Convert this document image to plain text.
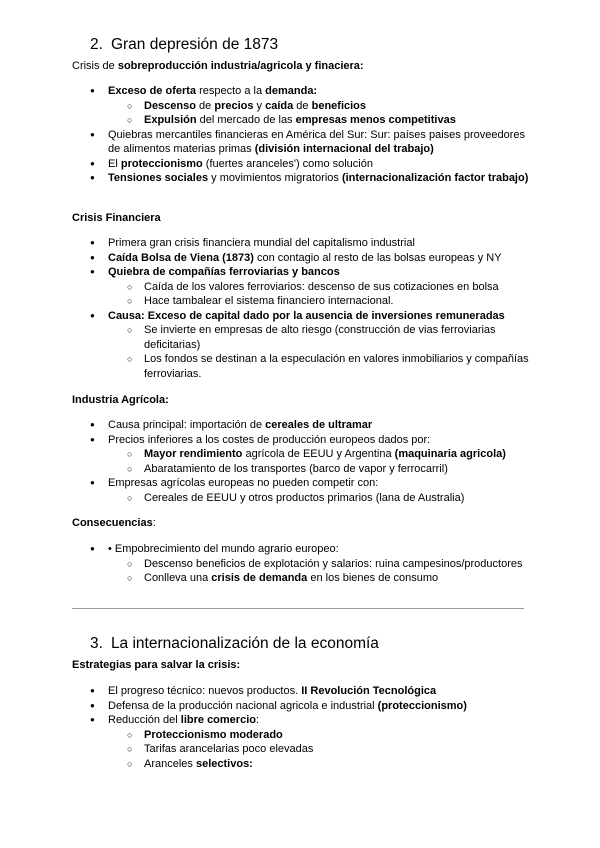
2. Gran depresión de 1873
Crisis de sobreproducción industria/agricola y finaciera:
● Exceso de oferta respecto a la demanda:
○ Descenso de precios y caída de beneficios
○ Expulsión del mercado de las empresas menos competitivas
● Quiebras mercantiles financieras en América del Sur: Sur: países paises proveedores de alimentos materias primas (división internacional del trabajo)
● El proteccionismo (fuertes aranceles') como solución
● Tensiones sociales y movimientos migratorios (internacionalización factor trabajo)
Crisis Financiera
● Primera gran crisis financiera mundial del capitalismo industrial
● Caída Bolsa de Viena (1873) con contagio al resto de las bolsas europeas y NY
● Quiebra de compañías ferroviarias y bancos
○ Caída de los valores ferroviarios: descenso de sus cotizaciones en bolsa
○ Hace tambalear el sistema financiero internacional.
● Causa: Exceso de capital dado por la ausencia de inversiones remuneradas
○ Se invierte en empresas de alto riesgo (construcción de vias ferroviarias deficitarias)
○ Los fondos se destinan a la especulación en valores inmobiliarios y compañías ferroviarias.
Industria Agrícola:
● Causa principal: importación de cereales de ultramar
● Precios inferiores a los costes de producción europeos dados por:
○ Mayor rendimiento agrícola de EEUU y Argentina (maquinaria agricola)
○ Abaratamiento de los transportes (barco de vapor y ferrocarril)
● Empresas agrícolas europeas no pueden competir con:
○ Cereales de EEUU y otros productos primarios (lana de Australia)
Consecuencias:
● • Empobrecimiento del mundo agrario europeo:
○ Descenso beneficios de explotación y salarios: ruina campesinos/productores
○ Conlleva una crisis de demanda en los bienes de consumo
3. La internacionalización de la economía
Estrategias para salvar la crisis:
● El progreso técnico: nuevos productos. II Revolución Tecnológica
● Defensa de la producción nacional agricola e industrial (proteccionismo)
● Reducción del libre comercio:
○ Proteccionismo moderado
○ Tarifas arancelarias poco elevadas
○ Aranceles selectivos:
